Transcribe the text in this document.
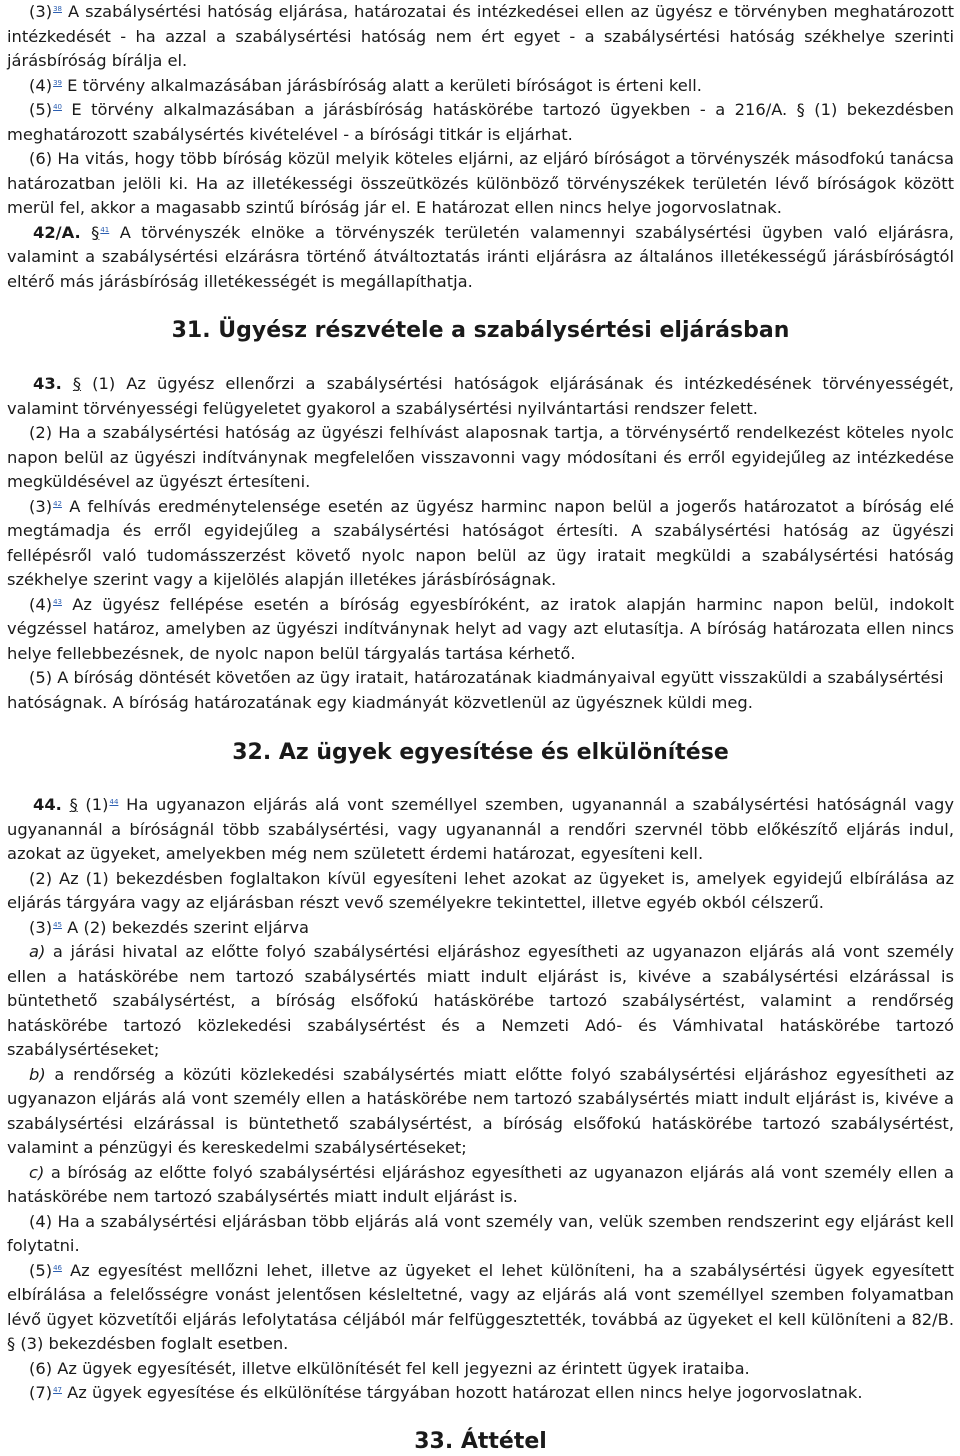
(3)$^{38}$ A szabálysértési hatóság eljárása, határozatai és intézkedései ellen az ügyész e törvényben meghatározott intézkedését - ha azzal a szabálysértési hatóság nem ért egyet - a szabálysértési hatóság székhelye szerinti járásbíróság bírálja el.

(4)$^{39}$ E törvény alkalmazásában járásbíróság alatt a kerületi bíróságot is érteni kell.

(5)$^{40}$ E törvény alkalmazásában a járásbíróság hatáskörébe tartozó ügyekben - a 216/A. § (1) bekezdésben meghatározott szabálysértés kivételével - a bírósági titkár is eljárhat.

(6) Ha vitás, hogy több bíróság közül melyik köteles eljárni, az eljáró bíróságot a törvényszék másodfokú tanácsa határozatban jelöli ki. Ha az illetékességi összeütközés különböző törvényszékek területén lévő bíróságok között merül fel, akkor a magasabb szintű bíróság jár el. E határozat ellen nincs helye jogorvoslatnak.

42/A. §$^{41}$ A törvényszék elnöke a törvényszék területén valamennyi szabálysértési ügyben való eljárásra, valamint a szabálysértési elzárásra történő átváltoztatás iránti eljárásra az általános illetékességű járásbíróságtól eltérő más járásbíróság illetékességét is megállapíthatja.

31. Ügyész részvétele a szabálysértési eljárásban

43. § (1) Az ügyész ellenőrzi a szabálysértési hatóságok eljárásának és intézkedésének törvényességét, valamint törvényességi felügyeletet gyakorol a szabálysértési nyilvántartási rendszer felett.

(2) Ha a szabálysértési hatóság az ügyészi felhívást alaposnak tartja, a törvénysértő rendelkezést köteles nyolc napon belül az ügyészi indítványnak megfelelően visszavonni vagy módosítani és erről egyidejűleg az intézkedése megküldésével az ügyészt értesíteni.

(3)$^{42}$ A felhívás eredménytelensége esetén az ügyész harminc napon belül a jogerős határozatot a bíróság elé megtámadja és erről egyidejűleg a szabálysértési hatóságot értesíti. A szabálysértési hatóság az ügyészi fellépésről való tudomásszerzést követő nyolc napon belül az ügy iratait megküldi a szabálysértési hatóság székhelye szerint vagy a kijelölés alapján illetékes járásbíróságnak.

(4)$^{43}$ Az ügyész fellépése esetén a bíróság egyesbíróként, az iratok alapján harminc napon belül, indokolt végzéssel határoz, amelyben az ügyészi indítványnak helyt ad vagy azt elutasítja. A bíróság határozata ellen nincs helye fellebbezésnek, de nyolc napon belül tárgyalás tartása kérhető.

(5) A bíróság döntését követően az ügy iratait, határozatának kiadmányaival együtt visszaküldi a szabálysértési hatóságnak. A bíróság határozatának egy kiadmányát közvetlenül az ügyésznek küldi meg.

32. Az ügyek egyesítése és elkülönítése

44. § (1)$^{44}$ Ha ugyanazon eljárás alá vont személlyel szemben, ugyanannál a szabálysértési hatóságnál vagy ugyanannál a bíróságnál több szabálysértési, vagy ugyanannál a rendőri szervnél több előkészítő eljárás indul, azokat az ügyeket, amelyekben még nem született érdemi határozat, egyesíteni kell.

(2) Az (1) bekezdésben foglaltakon kívül egyesíteni lehet azokat az ügyeket is, amelyek egyidejű elbírálása az eljárás tárgyára vagy az eljárásban részt vevő személyekre tekintettel, illetve egyéb okból célszerű.

(3)$^{45}$ A (2) bekezdés szerint eljárva

a) a járási hivatal az előtte folyó szabálysértési eljáráshoz egyesítheti az ugyanazon eljárás alá vont személy ellen a hatáskörébe nem tartozó szabálysértés miatt indult eljárást is, kivéve a szabálysértési elzárással is büntethető szabálysértést, a bíróság elsőfokú hatáskörébe tartozó szabálysértést, valamint a rendőrség hatáskörébe tartozó közlekedési szabálysértést és a Nemzeti Adó- és Vámhivatal hatáskörébe tartozó szabálysértéseket;

b) a rendőrség a közúti közlekedési szabálysértés miatt előtte folyó szabálysértési eljáráshoz egyesítheti az ugyanazon eljárás alá vont személy ellen a hatáskörébe nem tartozó szabálysértés miatt indult eljárást is, kivéve a szabálysértési elzárással is büntethető szabálysértést, a bíróság elsőfokú hatáskörébe tartozó szabálysértést, valamint a pénzügyi és kereskedelmi szabálysértéseket;

c) a bíróság az előtte folyó szabálysértési eljáráshoz egyesítheti az ugyanazon eljárás alá vont személy ellen a hatáskörébe nem tartozó szabálysértés miatt indult eljárást is.

(4) Ha a szabálysértési eljárásban több eljárás alá vont személy van, velük szemben rendszerint egy eljárást kell folytatni.

(5)$^{46}$ Az egyesítést mellőzni lehet, illetve az ügyeket el lehet különíteni, ha a szabálysértési ügyek egyesített elbírálása a felelősségre vonást jelentősen késleltetné, vagy az eljárás alá vont személlyel szemben folyamatban lévő ügyet közvetítői eljárás lefolytatása céljából már felfüggesztették, továbbá az ügyeket el kell különíteni a 82/B. § (3) bekezdésben foglalt esetben.

(6) Az ügyek egyesítését, illetve elkülönítését fel kell jegyezni az érintett ügyek irataiba.

(7)$^{47}$ Az ügyek egyesítése és elkülönítése tárgyában hozott határozat ellen nincs helye jogorvoslatnak.

33. Áttétel
